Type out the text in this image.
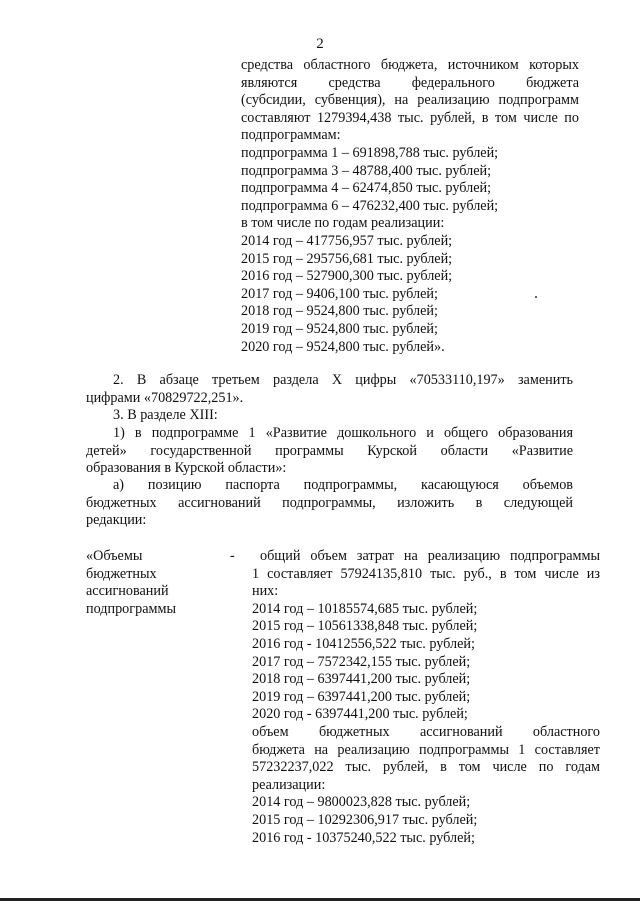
2
средства областного бюджета, источником которых
являются средства федерального бюджета
(субсидии, субвенция), на реализацию подпрограмм
составляют 1279394,438 тыс. рублей, в том числе по
подпрограммам:
подпрограмма 1 – 691898,788 тыс. рублей;
подпрограмма 3 – 48788,400 тыс. рублей;
подпрограмма 4 – 62474,850 тыс. рублей;
подпрограмма 6 – 476232,400 тыс. рублей;
в том числе по годам реализации:
2014 год – 417756,957 тыс. рублей;
2015 год – 295756,681 тыс. рублей;
2016 год – 527900,300 тыс. рублей;
2017 год – 9406,100 тыс. рублей;
2018 год – 9524,800 тыс. рублей;
2019 год – 9524,800 тыс. рублей;
2020 год – 9524,800 тыс. рублей».
2. В абзаце третьем раздела X цифры «70533110,197» заменить
цифрами «70829722,251».
3. В разделе XIII:
1) в подпрограмме 1 «Развитие дошкольного и общего образования
детей» государственной программы Курской области «Развитие
образования в Курской области»:
а) позицию паспорта подпрограммы, касающуюся объемов
бюджетных ассигнований подпрограммы, изложить в следующей
редакции:
«Объемы
бюджетных
ассигнований
подпрограммы
-	общий объем затрат на реализацию подпрограммы
1 составляет 57924135,810 тыс. руб., в том числе из
них:
2014 год – 10185574,685 тыс. рублей;
2015 год – 10561338,848 тыс. рублей;
2016 год - 10412556,522 тыс. рублей;
2017 год – 7572342,155 тыс. рублей;
2018 год – 6397441,200 тыс. рублей;
2019 год – 6397441,200 тыс. рублей;
2020 год - 6397441,200 тыс. рублей;
объем бюджетных ассигнований областного
бюджета на реализацию подпрограммы 1 составляет
57232237,022 тыс. рублей, в том числе по годам
реализации:
2014 год – 9800023,828 тыс. рублей;
2015 год – 10292306,917 тыс. рублей;
2016 год - 10375240,522 тыс. рублей;
